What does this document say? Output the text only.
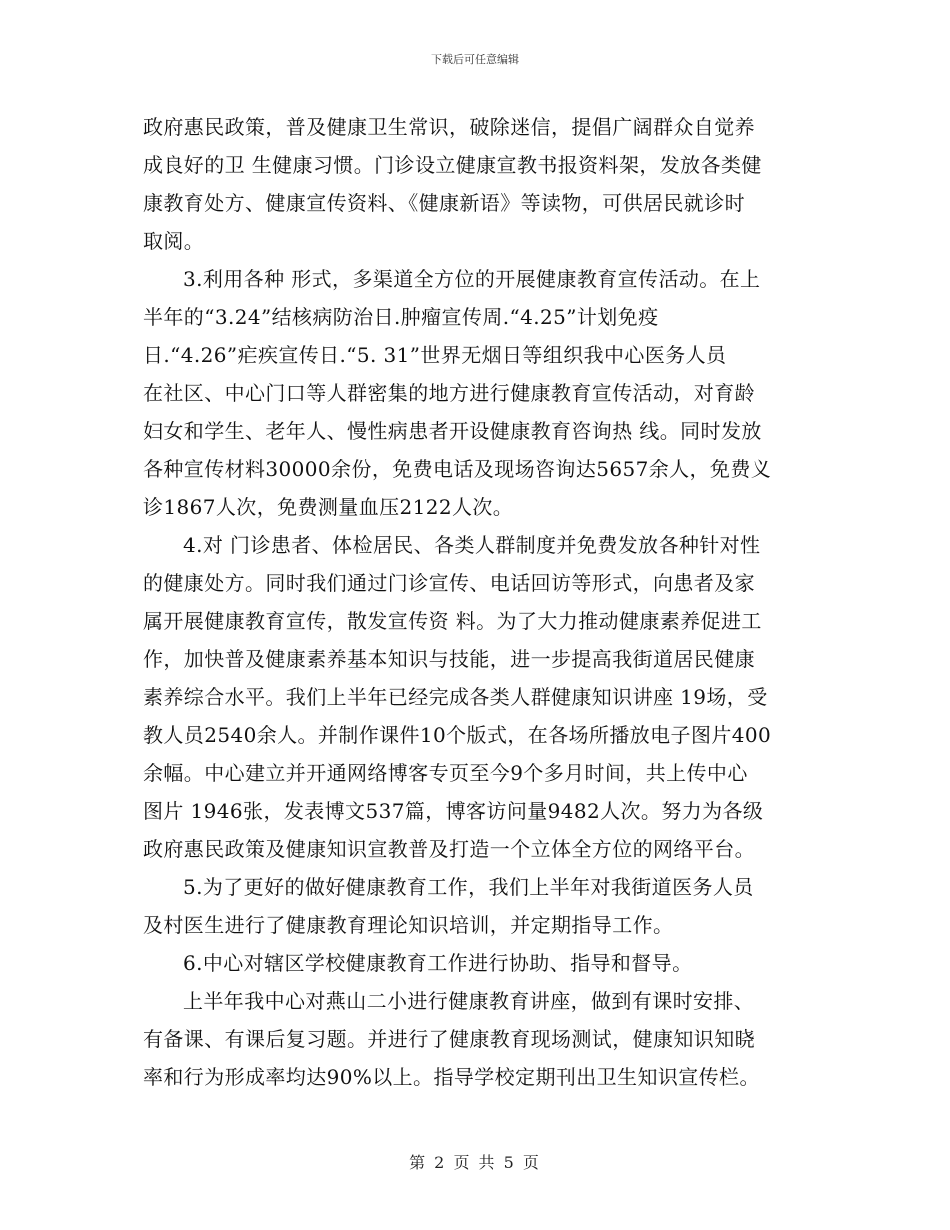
下载后可任意编辑
政府惠民政策，普及健康卫生常识，破除迷信，提倡广阔群众自觉养
成良好的卫 生健康习惯。门诊设立健康宣教书报资料架，发放各类健
康教育处方、健康宣传资料、《健康新语》等读物，可供居民就诊时
取阅。
3.利用各种 形式，多渠道全方位的开展健康教育宣传活动。在上
半年的“3.24”结核病防治日.肿瘤宣传周.“4.25”计划免疫
日.“4.26”疟疾宣传日.“5. 31”世界无烟日等组织我中心医务人员
在社区、中心门口等人群密集的地方进行健康教育宣传活动，对育龄
妇女和学生、老年人、慢性病患者开设健康教育咨询热 线。同时发放
各种宣传材料30000余份，免费电话及现场咨询达5657余人，免费义
诊1867人次，免费测量血压2122人次。
4.对 门诊患者、体检居民、各类人群制度并免费发放各种针对性
的健康处方。同时我们通过门诊宣传、电话回访等形式，向患者及家
属开展健康教育宣传，散发宣传资 料。为了大力推动健康素养促进工
作，加快普及健康素养基本知识与技能，进一步提高我街道居民健康
素养综合水平。我们上半年已经完成各类人群健康知识讲座 19场，受
教人员2540余人。并制作课件10个版式，在各场所播放电子图片400
余幅。中心建立并开通网络博客专页至今9个多月时间，共上传中心
图片 1946张，发表博文537篇，博客访问量9482人次。努力为各级
政府惠民政策及健康知识宣教普及打造一个立体全方位的网络平台。
5.为了更好的做好健康教育工作，我们上半年对我街道医务人员
及村医生进行了健康教育理论知识培训，并定期指导工作。
6.中心对辖区学校健康教育工作进行协助、指导和督导。
上半年我中心对燕山二小进行健康教育讲座，做到有课时安排、
有备课、有课后复习题。并进行了健康教育现场测试，健康知识知晓
率和行为形成率均达90%以上。指导学校定期刊出卫生知识宣传栏。
第 2 页 共 5 页
